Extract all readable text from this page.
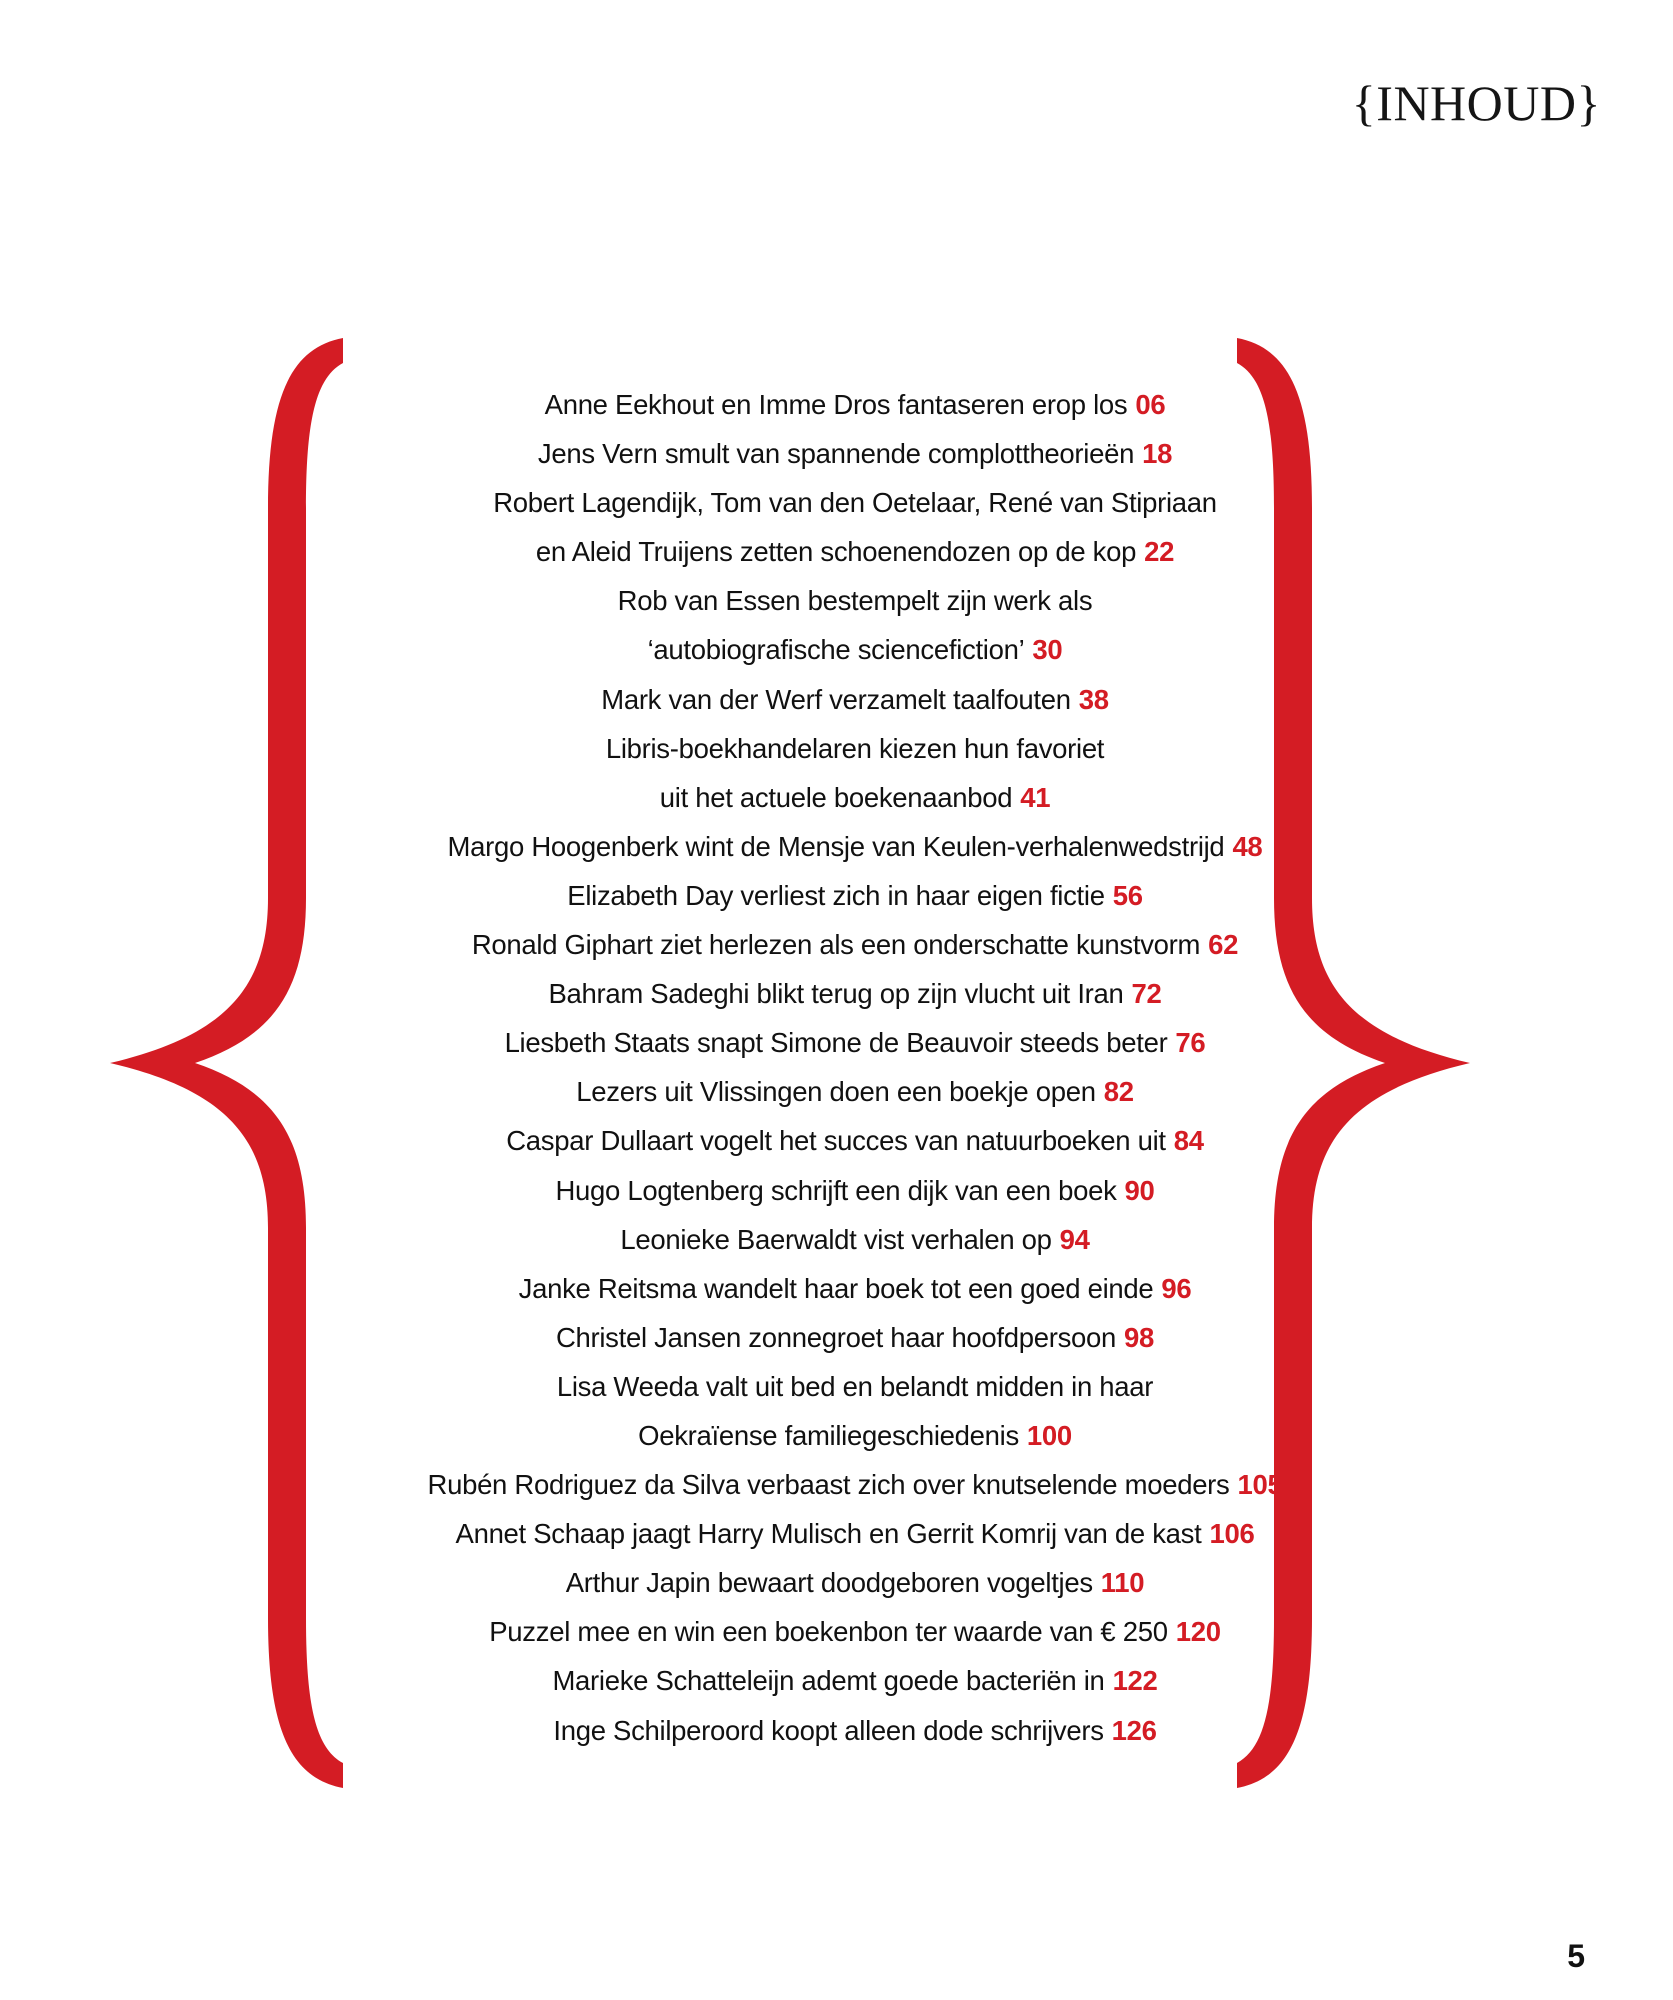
{INHOUD}
Anne Eekhout en Imme Dros fantaseren erop los 06
Jens Vern smult van spannende complottheorieën 18
Robert Lagendijk, Tom van den Oetelaar, René van Stipriaan
en Aleid Truijens zetten schoenendozen op de kop 22
Rob van Essen bestempelt zijn werk als
‘autobiografische sciencefiction’ 30
Mark van der Werf verzamelt taalfouten 38
Libris-boekhandelaren kiezen hun favoriet
uit het actuele boekenaanbod 41
Margo Hoogenberk wint de Mensje van Keulen-verhalenwedstrijd 48
Elizabeth Day verliest zich in haar eigen fictie 56
Ronald Giphart ziet herlezen als een onderschatte kunstvorm 62
Bahram Sadeghi blikt terug op zijn vlucht uit Iran 72
Liesbeth Staats snapt Simone de Beauvoir steeds beter 76
Lezers uit Vlissingen doen een boekje open 82
Caspar Dullaart vogelt het succes van natuurboeken uit 84
Hugo Logtenberg schrijft een dijk van een boek 90
Leonieke Baerwaldt vist verhalen op 94
Janke Reitsma wandelt haar boek tot een goed einde 96
Christel Jansen zonnegroet haar hoofdpersoon 98
Lisa Weeda valt uit bed en belandt midden in haar
Oekraïense familiegeschiedenis 100
Rubén Rodriguez da Silva verbaast zich over knutselende moeders 105
Annet Schaap jaagt Harry Mulisch en Gerrit Komrij van de kast 106
Arthur Japin bewaart doodgeboren vogeltjes 110
Puzzel mee en win een boekenbon ter waarde van € 250 120
Marieke Schatteleijn ademt goede bacteriën in 122
Inge Schilperoord koopt alleen dode schrijvers 126
5
